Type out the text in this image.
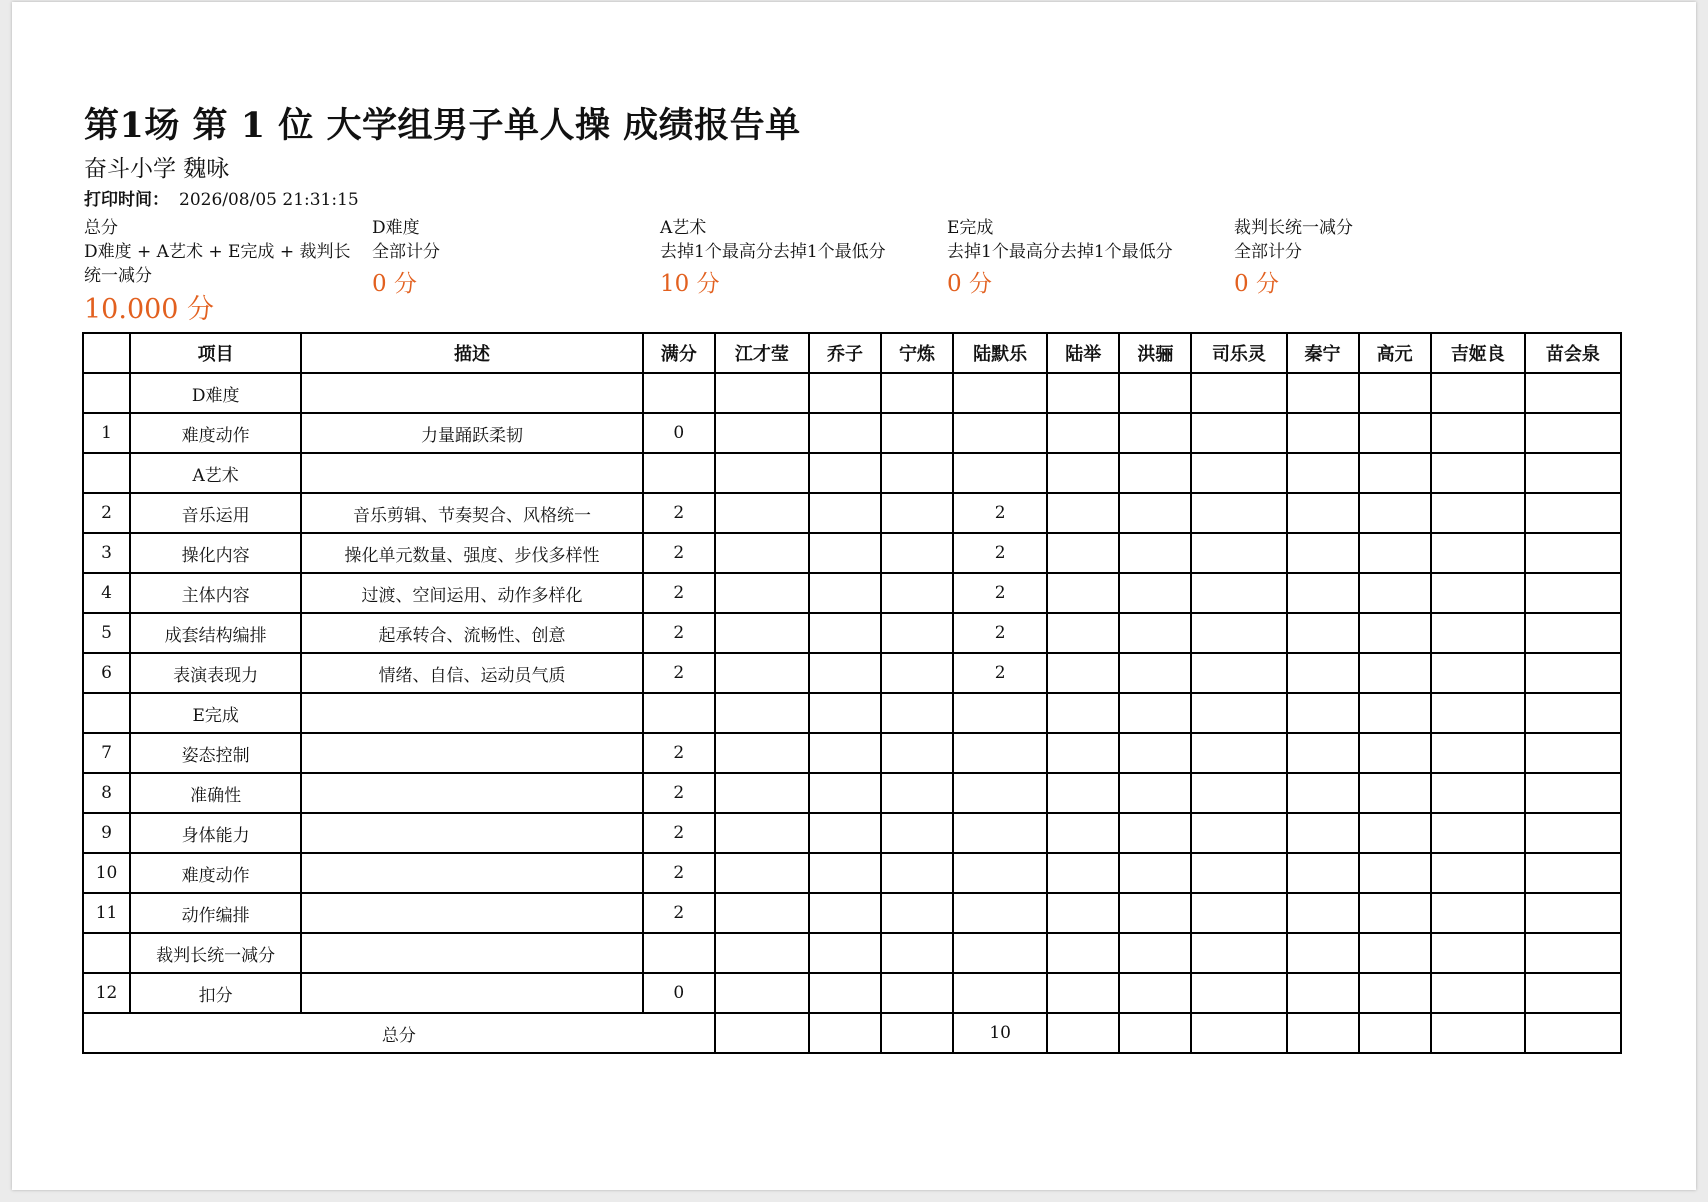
第1场 第 1 位 大学组男子单人操 成绩报告单
奋斗小学 魏咏
打印时间： 2026/08/05 21:31:15
总分
D难度 + A艺术 + E完成 + 裁判长统一减分
10.000 分
D难度
全部计分
0 分
A艺术
去掉1个最高分去掉1个最低分
10 分
E完成
去掉1个最高分去掉1个最低分
0 分
裁判长统一减分
全部计分
0 分
	项目	描述	满分	江才莹	乔子	宁炼	陆默乐	陆举	洪骊	司乐灵	秦宁	高元	吉姬良	苗会泉
	D难度													
1	难度动作	力量踊跃柔韧	0											
	A艺术													
2	音乐运用	音乐剪辑、节奏契合、风格统一	2				2							
3	操化内容	操化单元数量、强度、步伐多样性	2				2							
4	主体内容	过渡、空间运用、动作多样化	2				2							
5	成套结构编排	起承转合、流畅性、创意	2				2							
6	表演表现力	情绪、自信、运动员气质	2				2							
	E完成													
7	姿态控制		2											
8	准确性		2											
9	身体能力		2											
10	难度动作		2											
11	动作编排		2											
	裁判长统一减分													
12	扣分		0											
总分							10							
